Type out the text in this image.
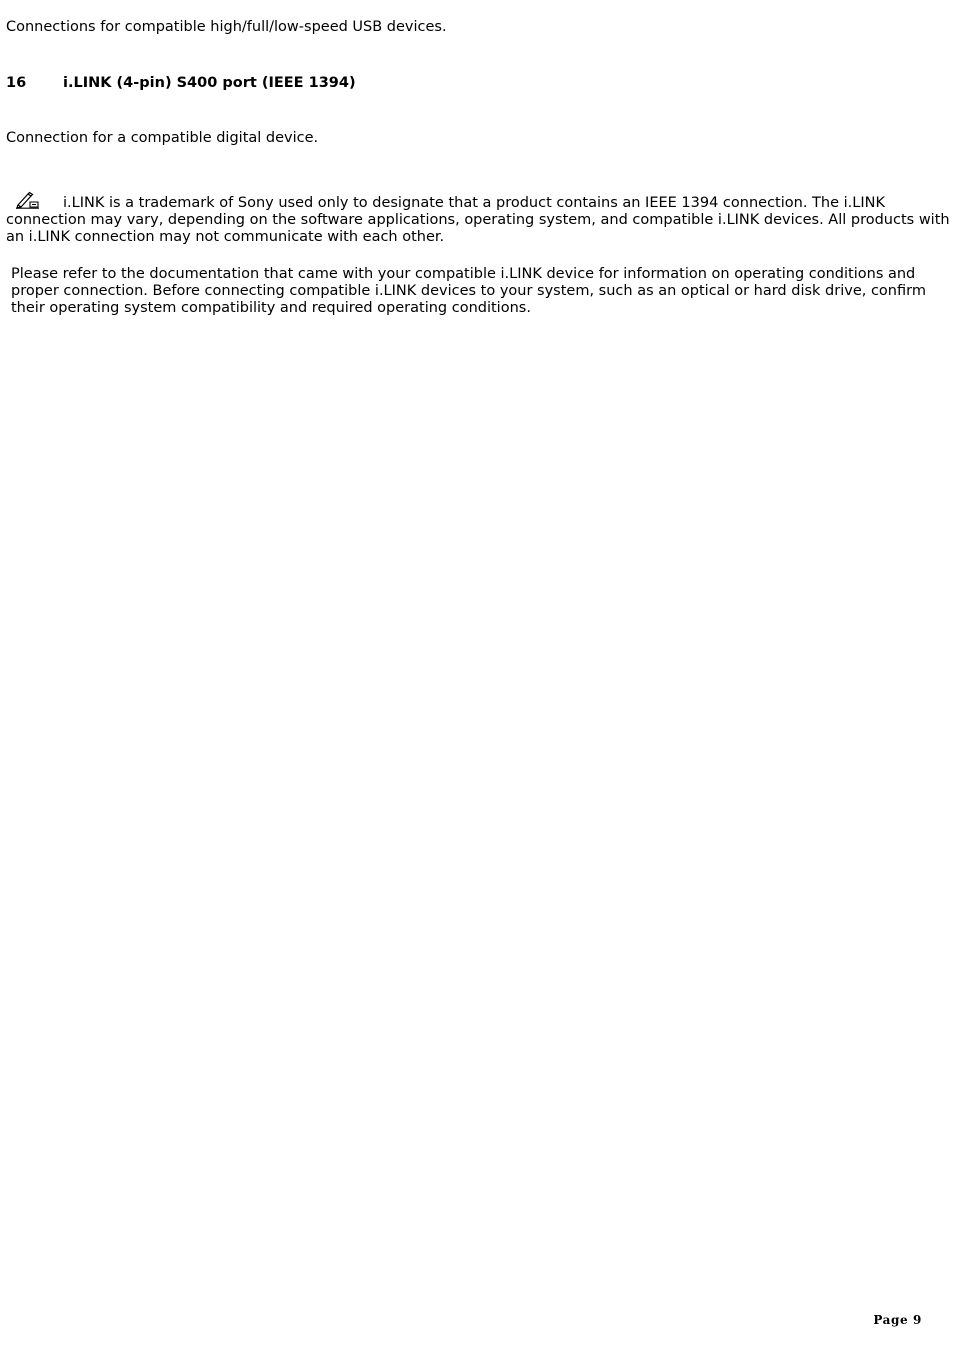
Connections for compatible high/full/low-speed USB devices.

16	i.LINK (4-pin) S400 port (IEEE 1394)

Connection for a compatible digital device.

i.LINK is a trademark of Sony used only to designate that a product contains an IEEE 1394 connection. The i.LINK connection may vary, depending on the software applications, operating system, and compatible i.LINK devices. All products with an i.LINK connection may not communicate with each other.

Please refer to the documentation that came with your compatible i.LINK device for information on operating conditions and proper connection. Before connecting compatible i.LINK devices to your system, such as an optical or hard disk drive, confirm their operating system compatibility and required operating conditions.

Page 9
